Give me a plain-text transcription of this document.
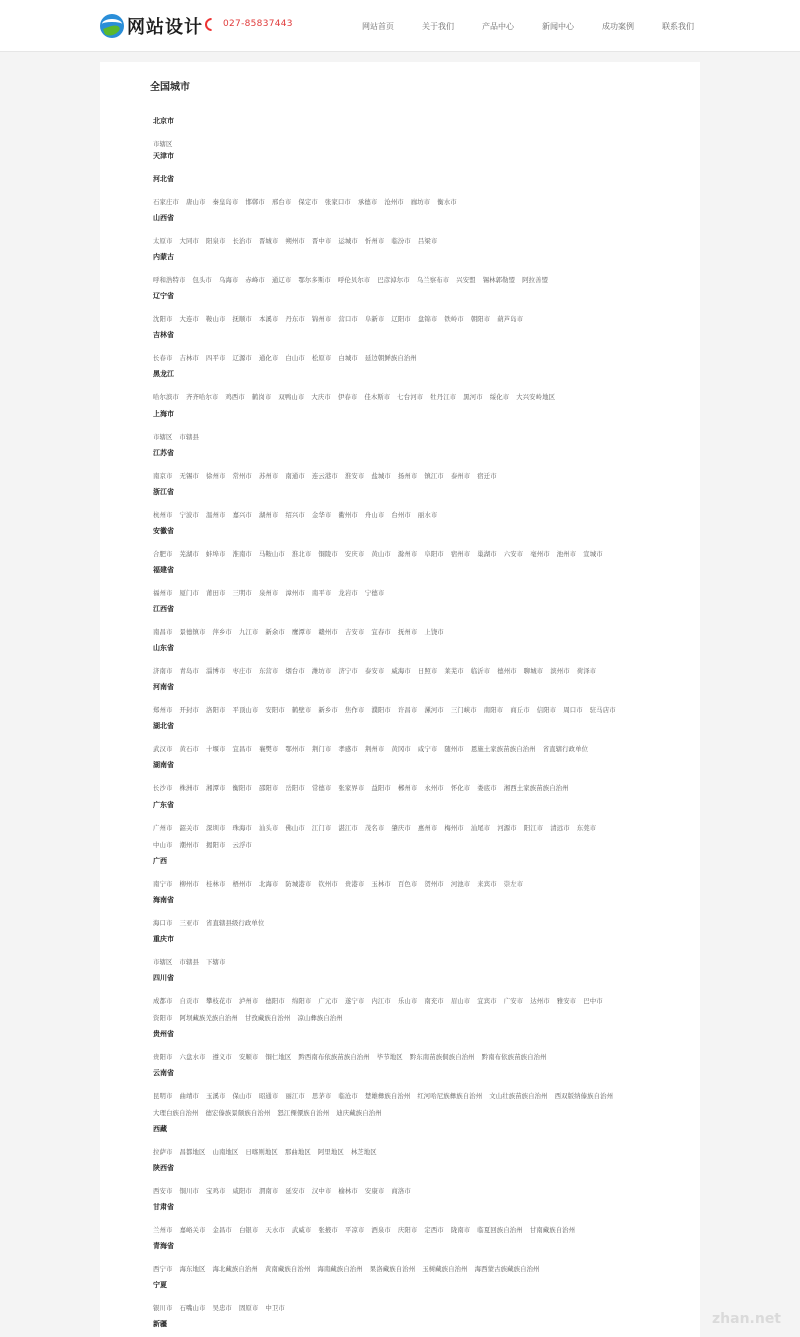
网站设计 027-85837443	网站首页	关于我们	产品中心	新闻中心	成功案例	联系我们
全国城市
北京市
市辖区
天津市
河北省
石家庄市 唐山市 秦皇岛市 邯郸市 邢台市 保定市 张家口市 承德市 沧州市 廊坊市 衡水市
山西省
太原市 大同市 阳泉市 长治市 晋城市 朔州市 晋中市 运城市 忻州市 临汾市 吕梁市
内蒙古
呼和浩特市 包头市 乌海市 赤峰市 通辽市 鄂尔多斯市 呼伦贝尔市 巴彦淖尔市 乌兰察布市 兴安盟 锡林郭勒盟 阿拉善盟
辽宁省
沈阳市 大连市 鞍山市 抚顺市 本溪市 丹东市 锦州市 营口市 阜新市 辽阳市 盘锦市 铁岭市 朝阳市 葫芦岛市
吉林省
长春市 吉林市 四平市 辽源市 通化市 白山市 松原市 白城市 延边朝鲜族自治州
黑龙江
哈尔滨市 齐齐哈尔市 鸡西市 鹤岗市 双鸭山市 大庆市 伊春市 佳木斯市 七台河市 牡丹江市 黑河市 绥化市 大兴安岭地区
上海市
市辖区 市辖县
江苏省
南京市 无锡市 徐州市 常州市 苏州市 南通市 连云港市 淮安市 盐城市 扬州市 镇江市 泰州市 宿迁市
浙江省
杭州市 宁波市 温州市 嘉兴市 湖州市 绍兴市 金华市 衢州市 舟山市 台州市 丽水市
安徽省
合肥市 芜湖市 蚌埠市 淮南市 马鞍山市 淮北市 铜陵市 安庆市 黄山市 滁州市 阜阳市 宿州市 巢湖市 六安市 亳州市 池州市 宣城市
福建省
福州市 厦门市 莆田市 三明市 泉州市 漳州市 南平市 龙岩市 宁德市
江西省
南昌市 景德镇市 萍乡市 九江市 新余市 鹰潭市 赣州市 吉安市 宜春市 抚州市 上饶市
山东省
济南市 青岛市 淄博市 枣庄市 东营市 烟台市 潍坊市 济宁市 泰安市 威海市 日照市 莱芜市 临沂市 德州市 聊城市 滨州市 荷泽市
河南省
郑州市 开封市 洛阳市 平顶山市 安阳市 鹤壁市 新乡市 焦作市 濮阳市 许昌市 漯河市 三门峡市 南阳市 商丘市 信阳市 周口市 驻马店市
湖北省
武汉市 黄石市 十堰市 宜昌市 襄樊市 鄂州市 荆门市 孝感市 荆州市 黄冈市 咸宁市 随州市 恩施土家族苗族自治州 省直辖行政单位
湖南省
长沙市 株洲市 湘潭市 衡阳市 邵阳市 岳阳市 常德市 张家界市 益阳市 郴州市 永州市 怀化市 娄底市 湘西土家族苗族自治州
广东省
广州市 韶关市 深圳市 珠海市 汕头市 佛山市 江门市 湛江市 茂名市 肇庆市 惠州市 梅州市 汕尾市 河源市 阳江市 清远市 东莞市
中山市 潮州市 揭阳市 云浮市
广西
南宁市 柳州市 桂林市 梧州市 北海市 防城港市 钦州市 贵港市 玉林市 百色市 贺州市 河池市 来宾市 崇左市
海南省
海口市 三亚市 省直辖县级行政单位
重庆市
市辖区 市辖县 下辖市
四川省
成都市 自贡市 攀枝花市 泸州市 德阳市 绵阳市 广元市 遂宁市 内江市 乐山市 南充市 眉山市 宜宾市 广安市 达州市 雅安市 巴中市
资阳市 阿坝藏族羌族自治州 甘孜藏族自治州 凉山彝族自治州
贵州省
贵阳市 六盘水市 遵义市 安顺市 铜仁地区 黔西南布依族苗族自治州 毕节地区 黔东南苗族侗族自治州 黔南布依族苗族自治州
云南省
昆明市 曲靖市 玉溪市 保山市 昭通市 丽江市 思茅市 临沧市 楚雄彝族自治州 红河哈尼族彝族自治州 文山壮族苗族自治州 西双版纳傣族自治州
大理白族自治州 德宏傣族景颇族自治州 怒江傈僳族自治州 迪庆藏族自治州
西藏
拉萨市 昌都地区 山南地区 日喀则地区 那曲地区 阿里地区 林芝地区
陕西省
西安市 铜川市 宝鸡市 咸阳市 渭南市 延安市 汉中市 榆林市 安康市 商洛市
甘肃省
兰州市 嘉峪关市 金昌市 白银市 天水市 武威市 张掖市 平凉市 酒泉市 庆阳市 定西市 陇南市 临夏回族自治州 甘南藏族自治州
青海省
西宁市 海东地区 海北藏族自治州 黄南藏族自治州 海南藏族自治州 果洛藏族自治州 玉树藏族自治州 海西蒙古族藏族自治州
宁夏
银川市 石嘴山市 吴忠市 固原市 中卫市
新疆	zhan.net
